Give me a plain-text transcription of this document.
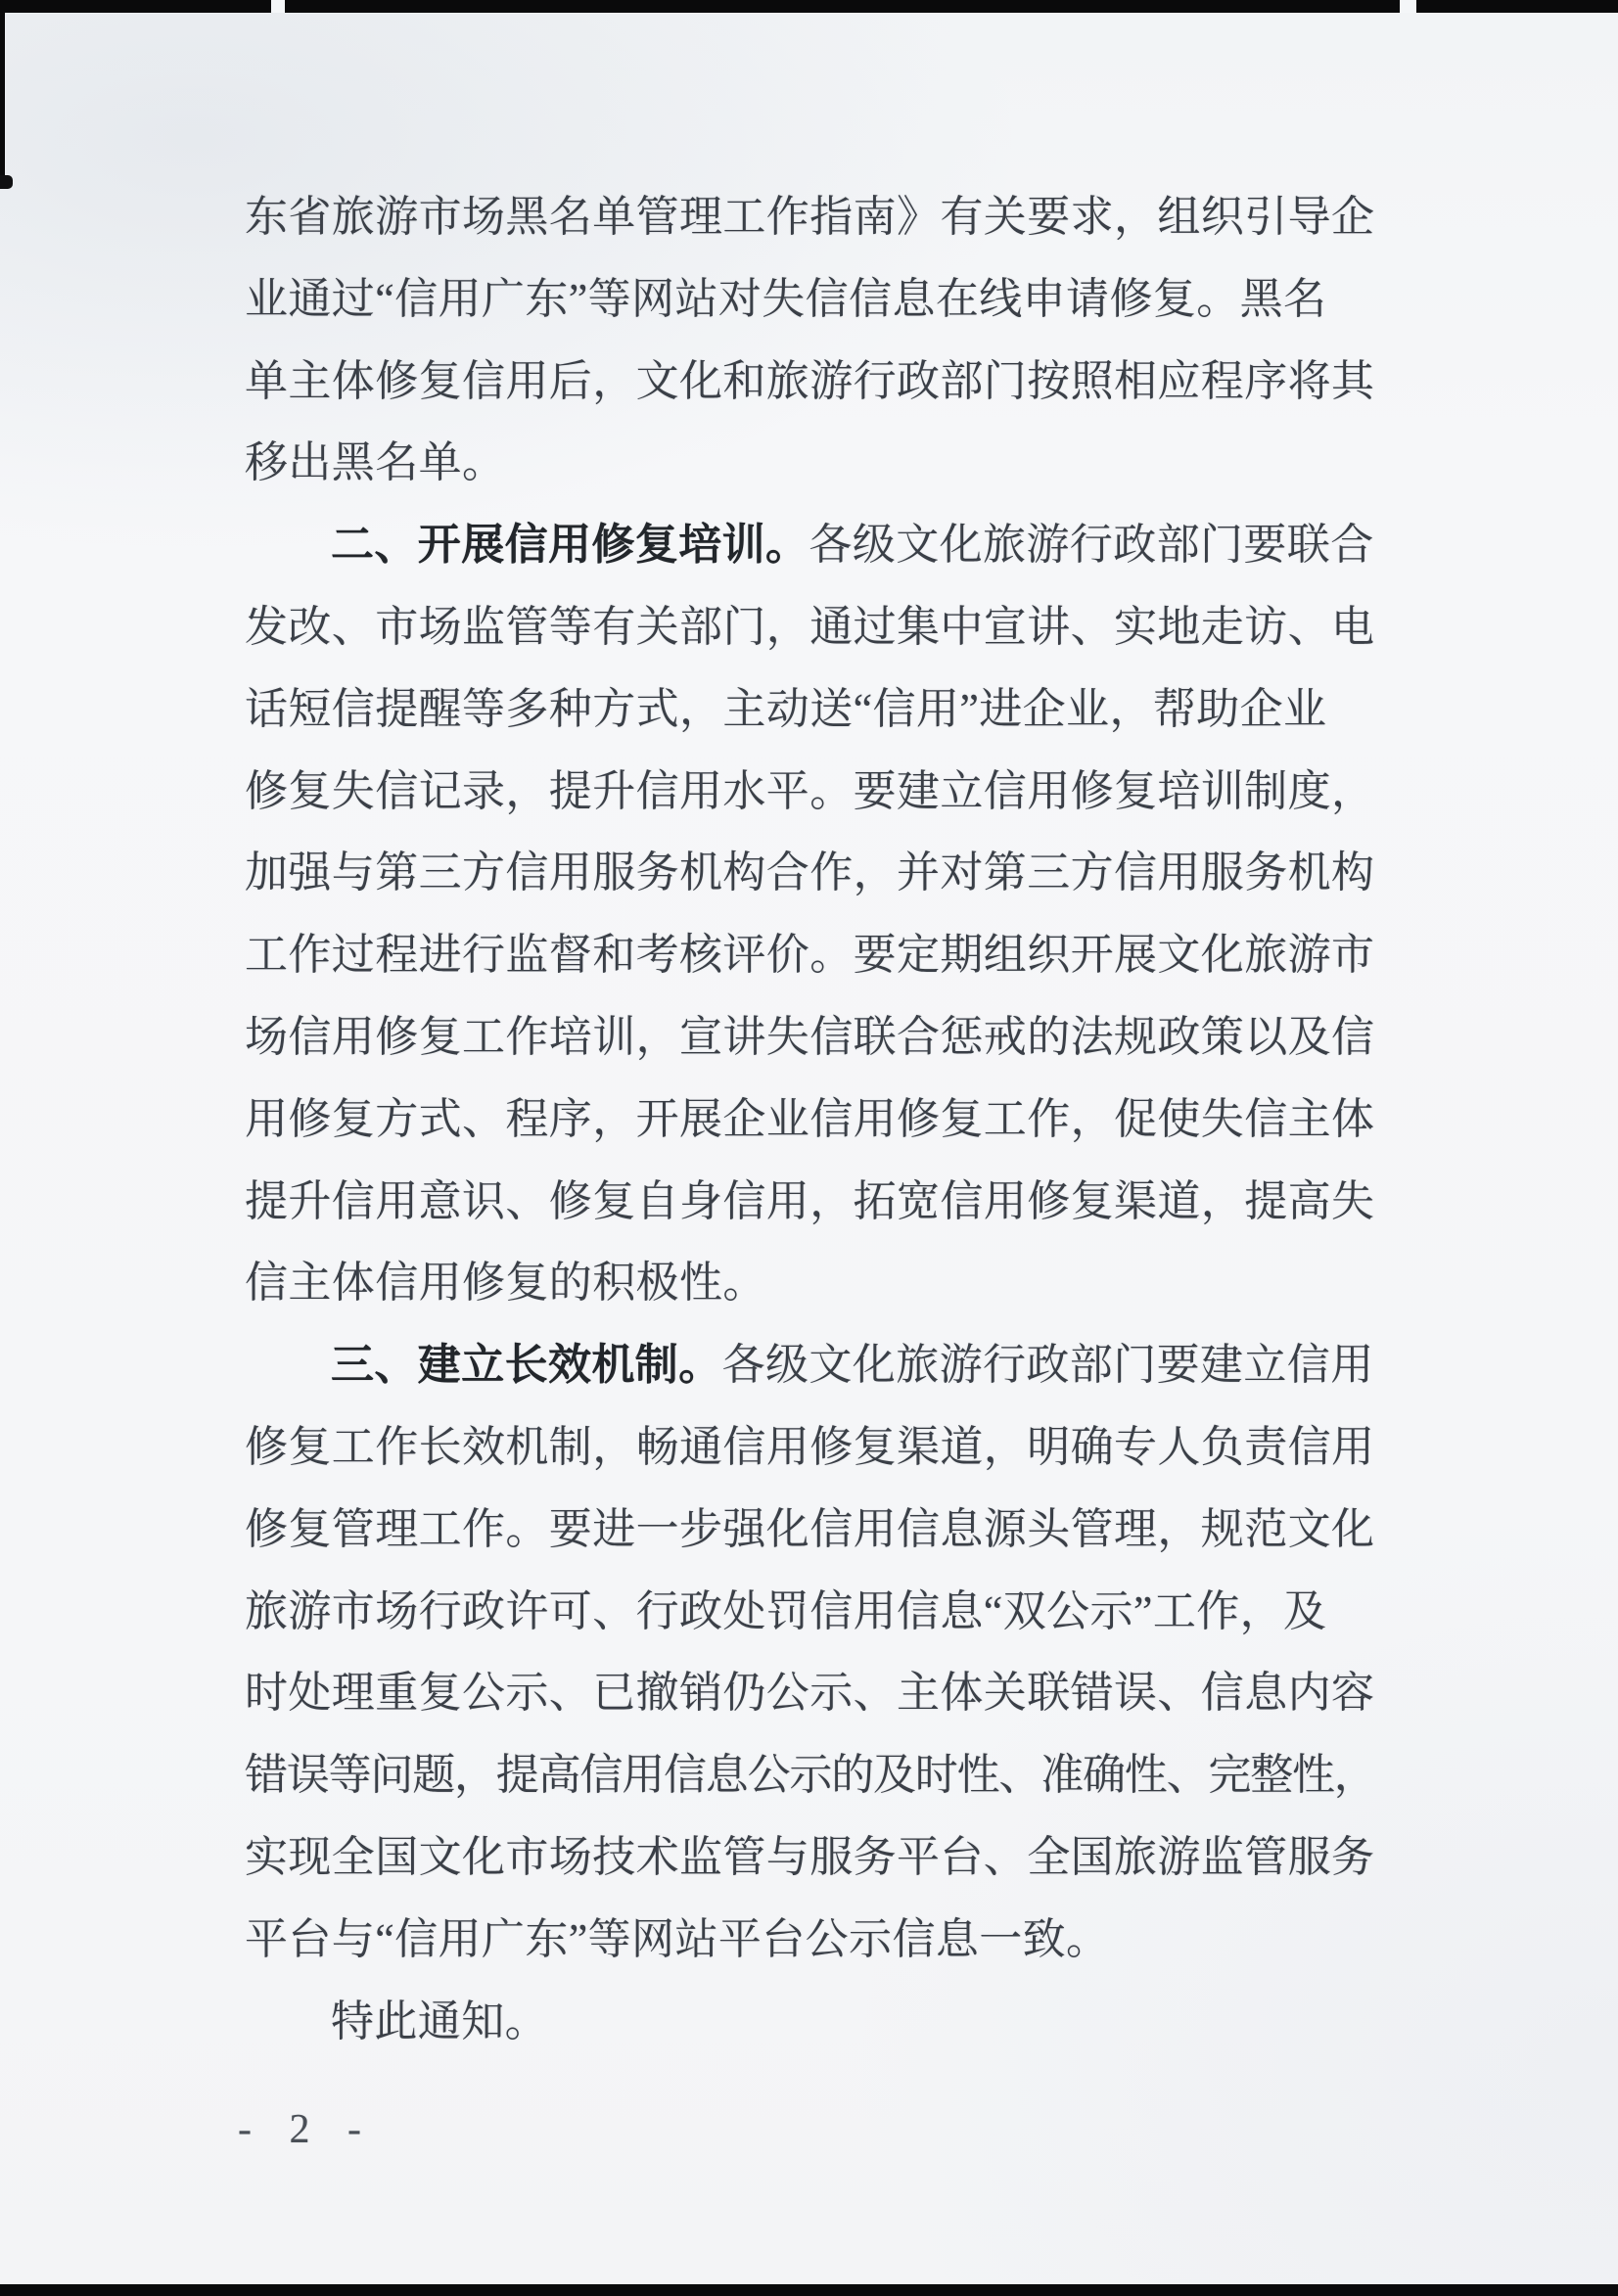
东省旅游市场黑名单管理工作指南》有关要求，组织引导企
业通过“信用广东”等网站对失信信息在线申请修复。黑名
单主体修复信用后，文化和旅游行政部门按照相应程序将其
移出黑名单。
二、开展信用修复培训。各级文化旅游行政部门要联合
发改、市场监管等有关部门，通过集中宣讲、实地走访、电
话短信提醒等多种方式，主动送“信用”进企业，帮助企业
修复失信记录，提升信用水平。要建立信用修复培训制度，
加强与第三方信用服务机构合作，并对第三方信用服务机构
工作过程进行监督和考核评价。要定期组织开展文化旅游市
场信用修复工作培训，宣讲失信联合惩戒的法规政策以及信
用修复方式、程序，开展企业信用修复工作，促使失信主体
提升信用意识、修复自身信用，拓宽信用修复渠道，提高失
信主体信用修复的积极性。
三、建立长效机制。各级文化旅游行政部门要建立信用
修复工作长效机制，畅通信用修复渠道，明确专人负责信用
修复管理工作。要进一步强化信用信息源头管理，规范文化
旅游市场行政许可、行政处罚信用信息“双公示”工作，及
时处理重复公示、已撤销仍公示、主体关联错误、信息内容
错误等问题，提高信用信息公示的及时性、准确性、完整性，
实现全国文化市场技术监管与服务平台、全国旅游监管服务
平台与“信用广东”等网站平台公示信息一致。
特此通知。
- 2 -
